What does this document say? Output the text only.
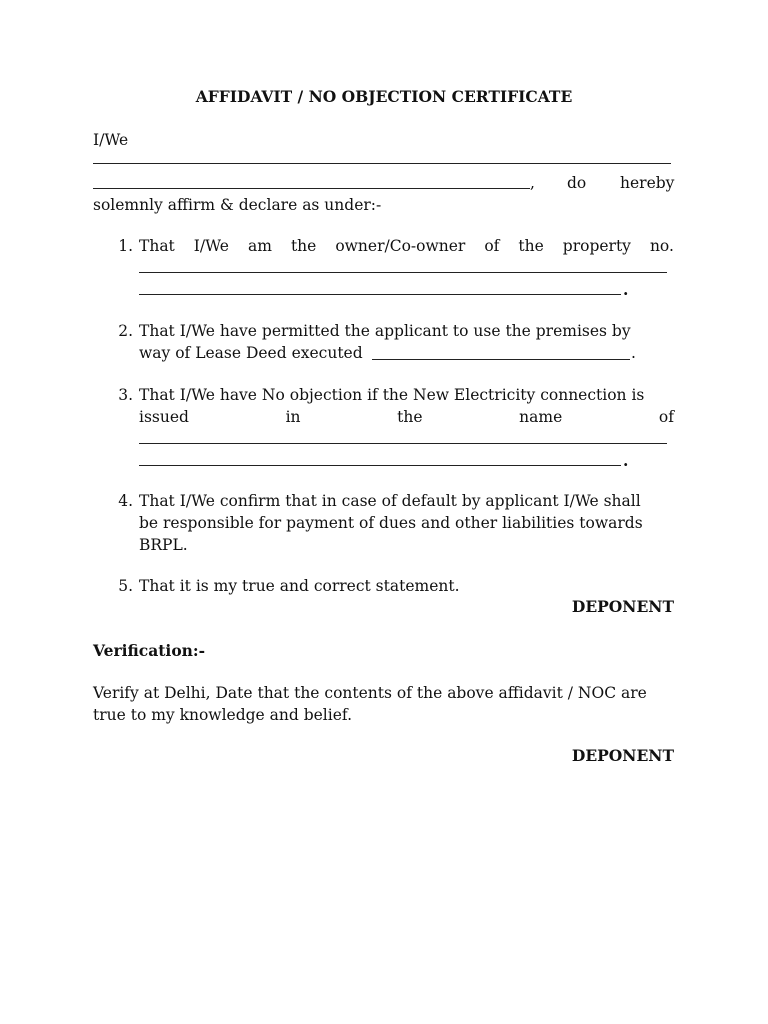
AFFIDAVIT / NO OBJECTION CERTIFICATE
I/We
, do hereby
solemnly affirm & declare as under:-
1. That I/We am the owner/Co-owner of the property no.
.
2. That I/We have permitted the applicant to use the premises by
way of Lease Deed executed	.
3. That I/We have No objection if the New Electricity connection is
issued	in	the	name	of
.
4. That I/We confirm that in case of default by applicant I/We shall
be responsible for payment of dues and other liabilities towards
BRPL.
5. That it is my true and correct statement.
DEPONENT
Verification:-
Verify at Delhi, Date that the contents of the above affidavit / NOC are
true to my knowledge and belief.
DEPONENT
